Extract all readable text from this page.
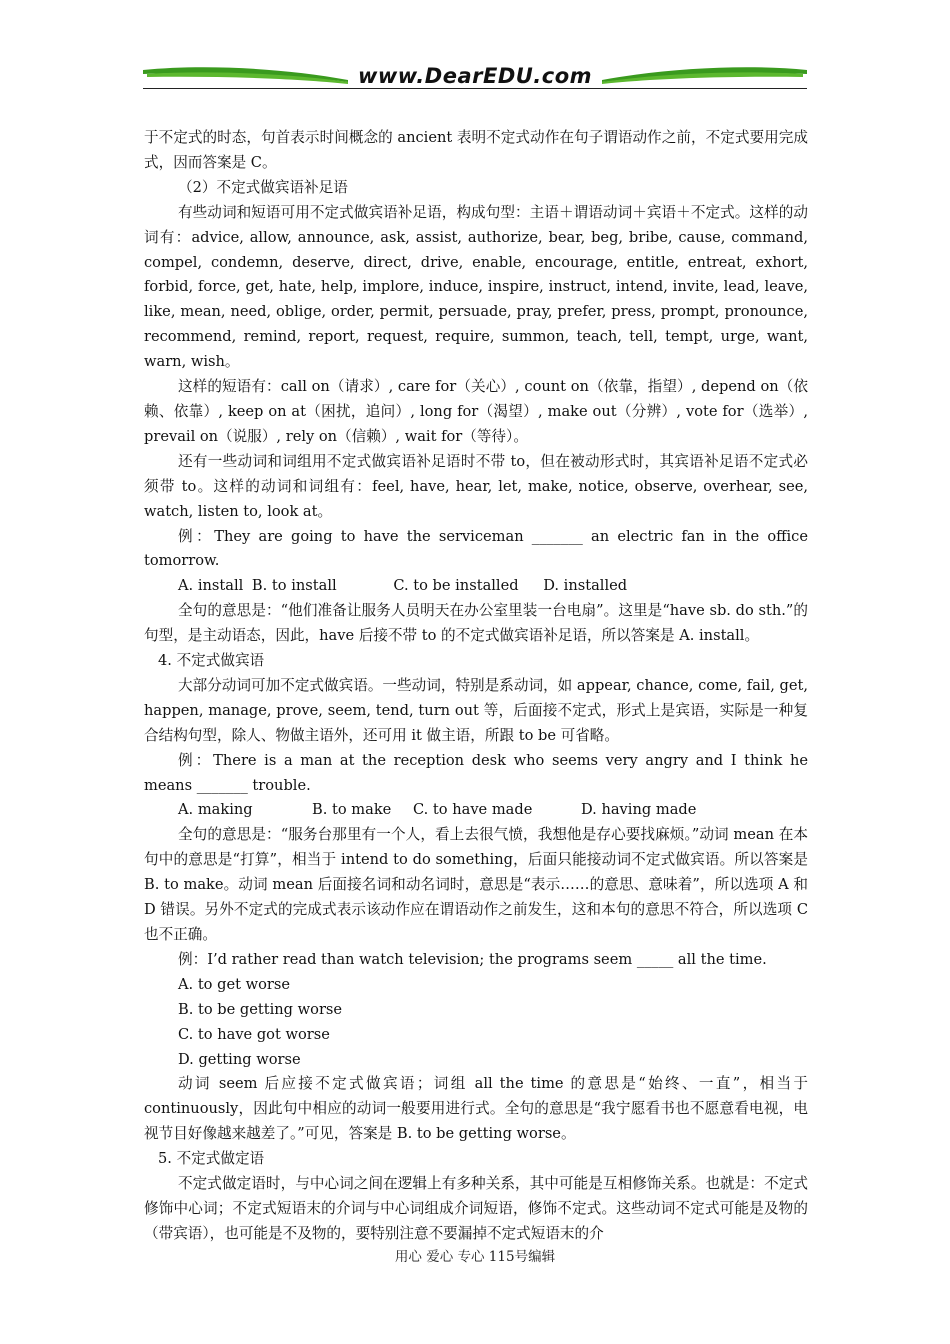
www.DearEDU.com

于不定式的时态，句首表示时间概念的 ancient 表明不定式动作在句子谓语动作之前，不定式要用完成式，因而答案是 C。

（2）不定式做宾语补足语

有些动词和短语可用不定式做宾语补足语，构成句型：主语＋谓语动词＋宾语＋不定式。这样的动词有：advice, allow, announce, ask, assist, authorize, bear, beg, bribe, cause, command, compel, condemn, deserve, direct, drive, enable, encourage, entitle, entreat, exhort, forbid, force, get, hate, help, implore, induce, inspire, instruct, intend, invite, lead, leave, like, mean, need, oblige, order, permit, persuade, pray, prefer, press, prompt, pronounce, recommend, remind, report, request, require, summon, teach, tell, tempt, urge, want, warn, wish。

这样的短语有：call on（请求）, care for（关心）, count on（依靠，指望）, depend on（依赖、依靠）, keep on at（困扰，追问）, long for（渴望）, make out（分辨）, vote for（选举）, prevail on（说服）, rely on（信赖）, wait for（等待）。

还有一些动词和词组用不定式做宾语补足语时不带 to，但在被动形式时，其宾语补足语不定式必须带 to。这样的动词和词组有：feel, have, hear, let, make, notice, observe, overhear, see, watch, listen to, look at。

例：They are going to have the serviceman _______ an electric fan in the office tomorrow.

A. install B. to install	C. to be installed D. installed

全句的意思是：“他们准备让服务人员明天在办公室里装一台电扇”。这里是“have sb. do sth.”的句型，是主动语态，因此，have 后接不带 to 的不定式做宾语补足语，所以答案是 A. install。

4. 不定式做宾语

大部分动词可加不定式做宾语。一些动词，特别是系动词，如 appear, chance, come, fail, get, happen, manage, prove, seem, tend, turn out 等，后面接不定式，形式上是宾语，实际是一种复合结构句型，除人、物做主语外，还可用 it 做主语，所跟 to be 可省略。

例：There is a man at the reception desk who seems very angry and I think he means _______ trouble.

A. making	B. to make C. to have made	D. having made

全句的意思是：“服务台那里有一个人，看上去很气愤，我想他是存心要找麻烦。”动词 mean 在本句中的意思是“打算”，相当于 intend to do something，后面只能接动词不定式做宾语。所以答案是 B. to make。动词 mean 后面接名词和动名词时，意思是“表示……的意思、意味着”，所以选项 A 和 D 错误。另外不定式的完成式表示该动作应在谓语动作之前发生，这和本句的意思不符合，所以选项 C 也不正确。

例：I’d rather read than watch television; the programs seem _____ all the time.

A. to get worse

B. to be getting worse

C. to have got worse

D. getting worse

动词 seem 后应接不定式做宾语；词组 all the time 的意思是“始终、一直”，相当于 continuously，因此句中相应的动词一般要用进行式。全句的意思是“我宁愿看书也不愿意看电视，电视节目好像越来越差了。”可见，答案是 B. to be getting worse。

5. 不定式做定语

不定式做定语时，与中心词之间在逻辑上有多种关系，其中可能是互相修饰关系。也就是：不定式修饰中心词；不定式短语末的介词与中心词组成介词短语，修饰不定式。这些动词不定式可能是及物的（带宾语），也可能是不及物的，要特别注意不要漏掉不定式短语末的介

用心 爱心 专心 115号编辑
